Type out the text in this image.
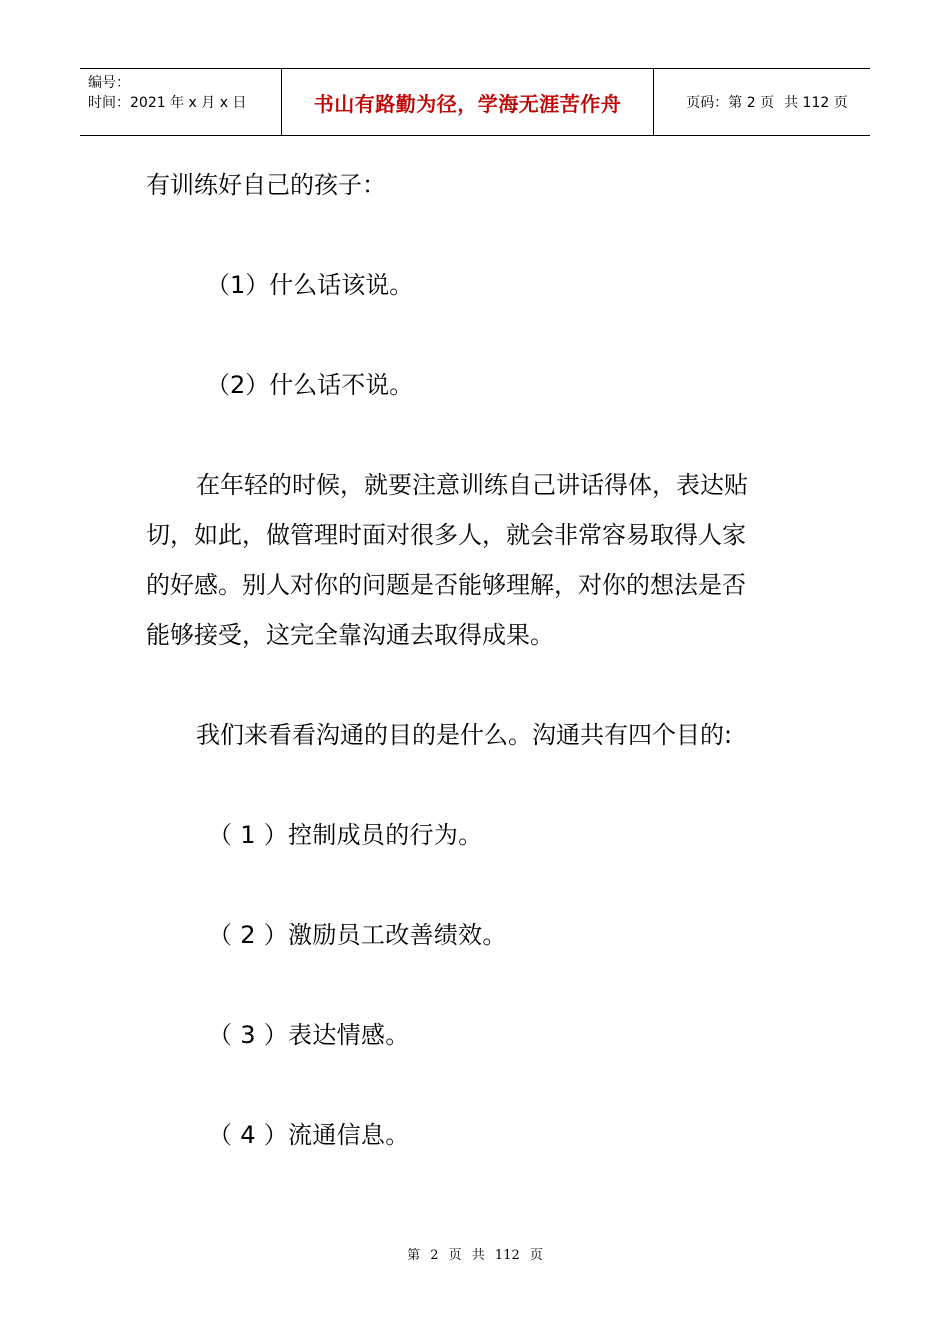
编号：
时间：2021 年 x 月 x 日	书山有路勤为径，学海无涯苦作舟	页码：第 2 页 共 112 页

有训练好自己的孩子：

（1）什么话该说。

（2）什么话不说。

在年轻的时候，就要注意训练自己讲话得体，表达贴

切，如此，做管理时面对很多人，就会非常容易取得人家

的好感。别人对你的问题是否能够理解，对你的想法是否

能够接受，这完全靠沟通去取得成果。

我们来看看沟通的目的是什么。沟通共有四个目的:

（ 1 ）控制成员的行为。

（ 2 ）激励员工改善绩效。

（ 3 ）表达情感。

（ 4 ）流通信息。

第 2 页 共 112 页
